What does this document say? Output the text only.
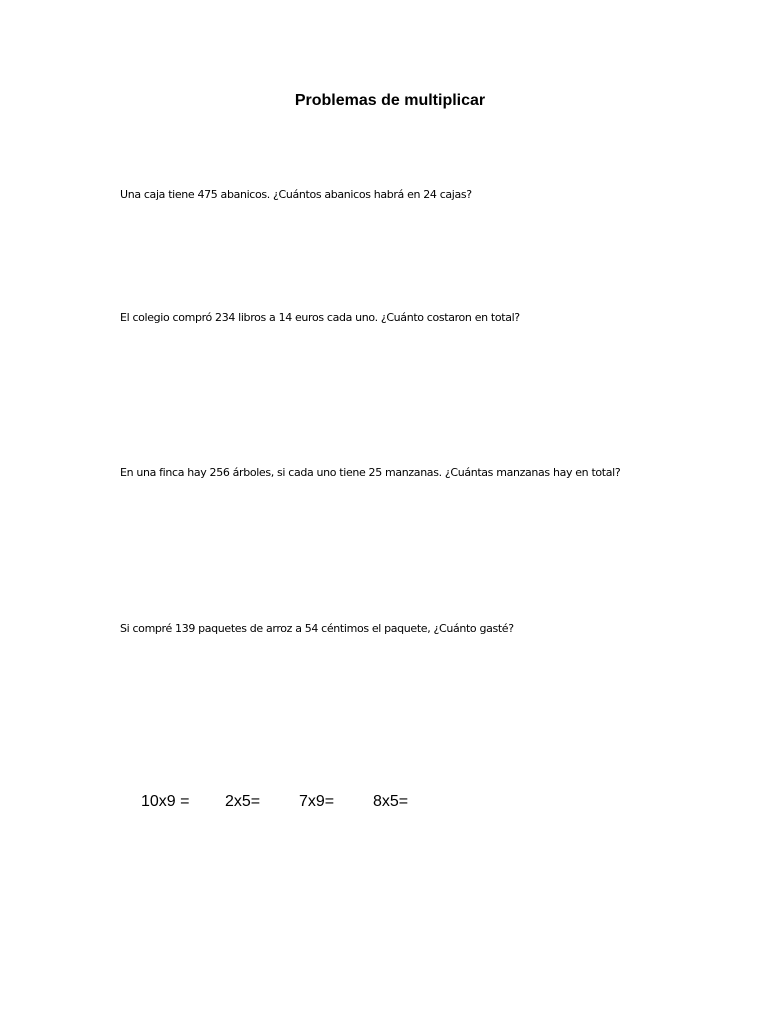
Problemas de multiplicar

Una caja tiene 475 abanicos. ¿Cuántos abanicos habrá en 24 cajas?

El colegio compró 234 libros a 14 euros cada uno. ¿Cuánto costaron en total?

En una finca hay 256 árboles, si cada uno tiene 25 manzanas. ¿Cuántas manzanas hay en total?

Si compré 139 paquetes de arroz a 54 céntimos el paquete, ¿Cuánto gasté?

10x9 = 2x5= 7x9= 8x5=
